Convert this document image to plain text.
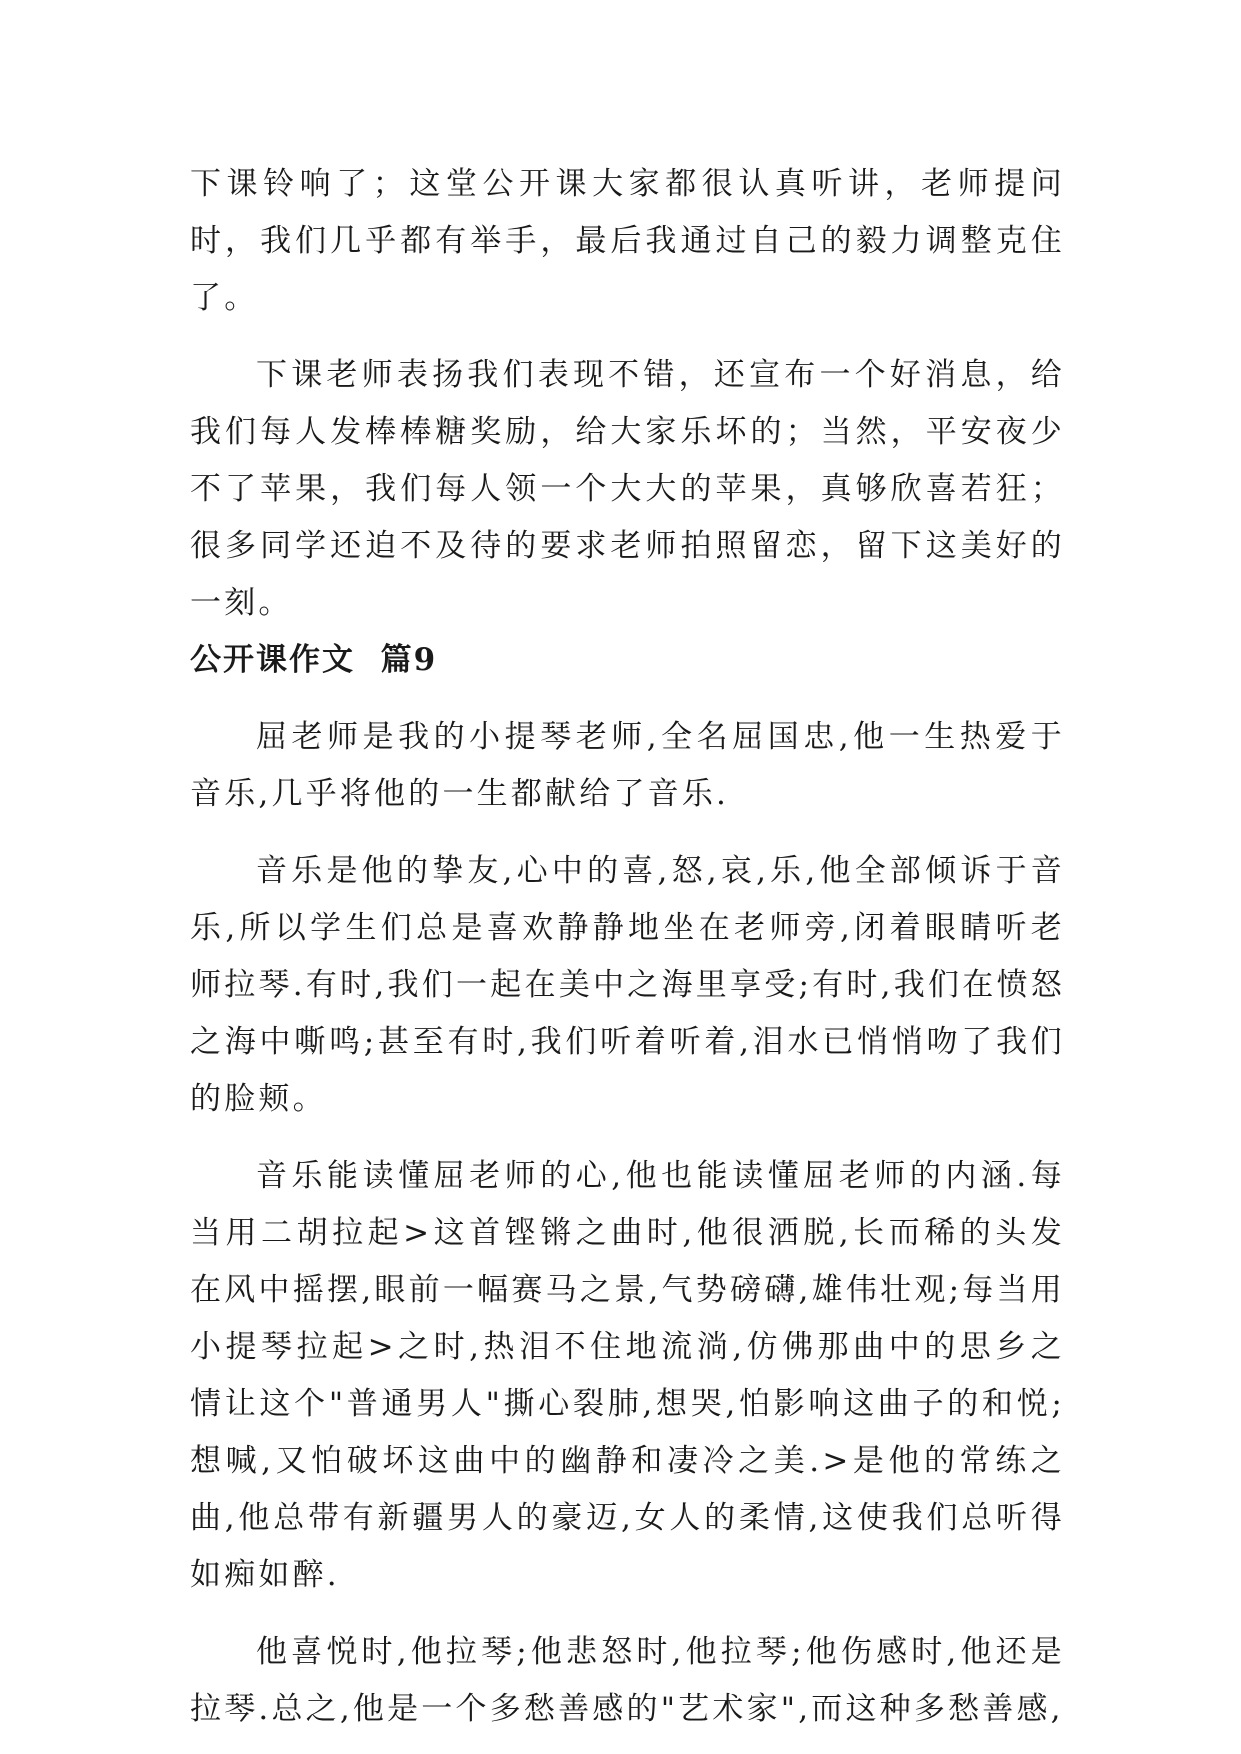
下课铃响了；这堂公开课大家都很认真听讲，老师提问时，我们几乎都有举手，最后我通过自己的毅力调整克住了。

下课老师表扬我们表现不错，还宣布一个好消息，给我们每人发棒棒糖奖励，给大家乐坏的；当然，平安夜少不了苹果，我们每人领一个大大的苹果，真够欣喜若狂；很多同学还迫不及待的要求老师拍照留恋，留下这美好的一刻。

公开课作文  篇9

屈老师是我的小提琴老师,全名屈国忠,他一生热爱于音乐,几乎将他的一生都献给了音乐.

音乐是他的挚友,心中的喜,怒,哀,乐,他全部倾诉于音乐,所以学生们总是喜欢静静地坐在老师旁,闭着眼睛听老师拉琴.有时,我们一起在美中之海里享受;有时,我们在愤怒之海中嘶鸣;甚至有时,我们听着听着,泪水已悄悄吻了我们的脸颊。

音乐能读懂屈老师的心,他也能读懂屈老师的内涵.每当用二胡拉起>这首铿锵之曲时,他很洒脱,长而稀的头发在风中摇摆,眼前一幅赛马之景,气势磅礴,雄伟壮观;每当用小提琴拉起>之时,热泪不住地流淌,仿佛那曲中的思乡之情让这个"普通男人"撕心裂肺,想哭,怕影响这曲子的和悦;想喊,又怕破坏这曲中的幽静和凄冷之美.>是他的常练之曲,他总带有新疆男人的豪迈,女人的柔情,这使我们总听得如痴如醉.

他喜悦时,他拉琴;他悲怒时,他拉琴;他伤感时,他还是拉琴.总之,他是一个多愁善感的"艺术家",而这种多愁善感,
